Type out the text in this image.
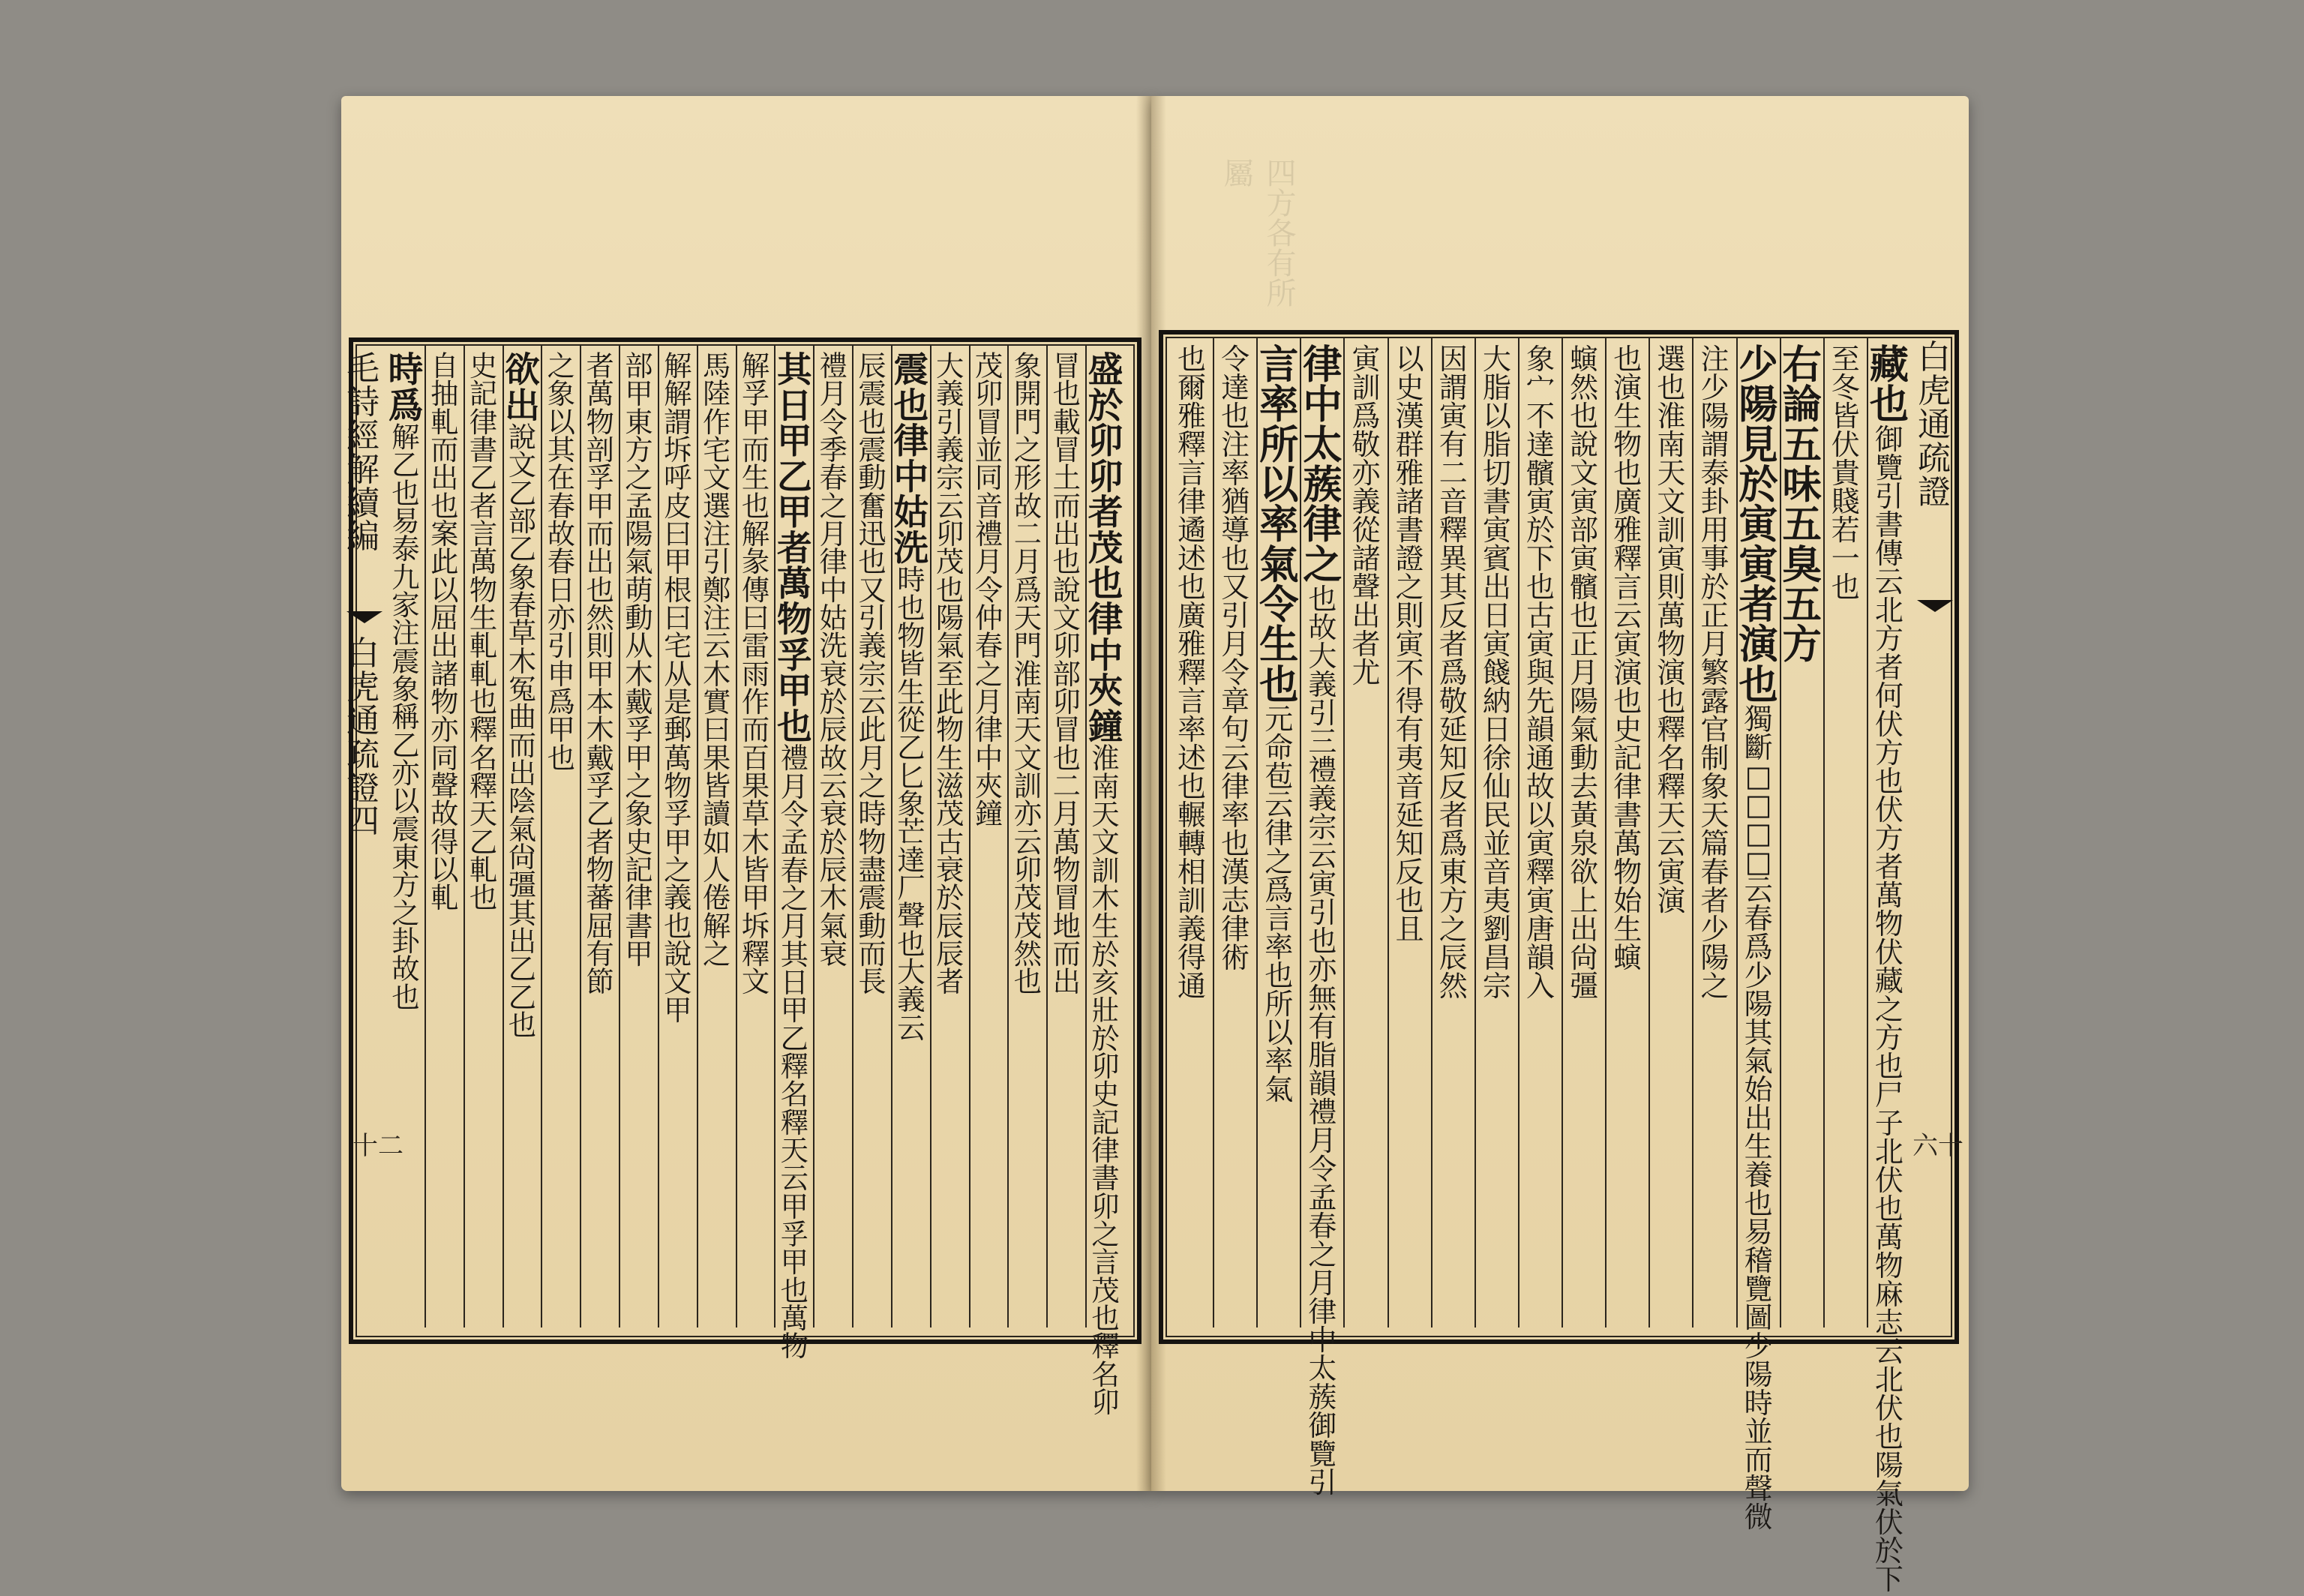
四方各有所屬
盛於卯卯者茂也律中夾鐘
淮南天文訓木生於亥壯於卯 史記律書卯之言茂也釋名卯
冒也載冒土而出也說文卯部卯冒也二月萬物冒地而出
象開門之形故二月爲天門淮南天文訓亦云卯茂茂然也
茂卯冒並同音禮月令仲春之月律中夾鐘
大義引義宗云卯茂也陽氣至此物生滋茂 古衰於辰辰者
震也律中姑洗
時也物皆生從乙匕象芒達厂聲也大義云
辰震也震動奮迅也又引義宗云此月之時物盡震動而長
禮月令季春之月律中姑洗衰於辰故云衰於辰木氣衰
其日甲乙甲者萬物孚甲也
禮月令孟春之月其日甲乙 釋名釋天云甲孚甲也萬物
解孚甲而生也解彖傳曰雷雨作而百果草木皆甲坼釋文
馬陸作宅文選注引鄭注云木實曰果皆讀如人倦解之
解解謂坼呼皮曰甲根曰宅从是郵萬物孚甲之義也說文甲
部甲東方之孟陽氣萌動从木戴孚甲之象史記律書甲
者萬物剖孚甲而出也然則甲本木戴孚 乙者物蕃屈有節
之象以其在春故春日亦引申爲甲也
欲出
說文乙部乙象春草木冤曲而出陰氣尙彊其出乙乙也
史記律書乙者言萬物生軋軋也釋名釋天乙軋也
自抽軋而出也案此以屈出諸物亦同聲故得以軋
時爲
解乙也易泰九家注震象稱乙亦以震東方之卦故也
藏也
御覽引書傳云北方者何伏方也伏方者萬物伏藏之方也尸子北伏也萬物 麻志云北伏也陽氣伏於下
至冬皆伏貴賤若一也
右論五味五臭五方
少陽見於寅寅者演也
獨斷□□□□云春爲少陽其氣始出生養也易稽覽圖少陽時並而聲微
注少陽謂泰卦用事於正月繁露官制象天篇春者少陽之
選也淮南天文訓寅則萬物演也釋名釋天云寅演
也演生物也廣雅釋言云寅演也史記律書萬物始生螾
螾然也說文寅部寅髕也正月陽氣動去黃泉欲上出尙彊
象宀不達髕寅於下也古寅與先韻通故以寅釋寅唐韻入
大脂以脂切書寅賓出日寅餞納日徐仙民並音夷劉昌宗
因謂寅有二音釋異其反者爲敬延知反者爲東方之辰然
以史漢群雅諸書證之則寅不得有夷音延知反也且
寅訓爲敬亦義從諸聲出者尤
律中太蔟律之
也故大義引三禮義宗云寅引也亦無有脂韻禮月令孟春之月律中太蔟御覽引
言率所以率氣令生也
元命苞云律之爲言率也所以率氣
令達也注率猶導也又引月令章句云律率也漢志律術
也爾雅釋言律遹述也廣雅釋言率述也輾轉相訓義得通
毛詩經解續編
白虎通疏證四
十二
白虎通疏證
六十
